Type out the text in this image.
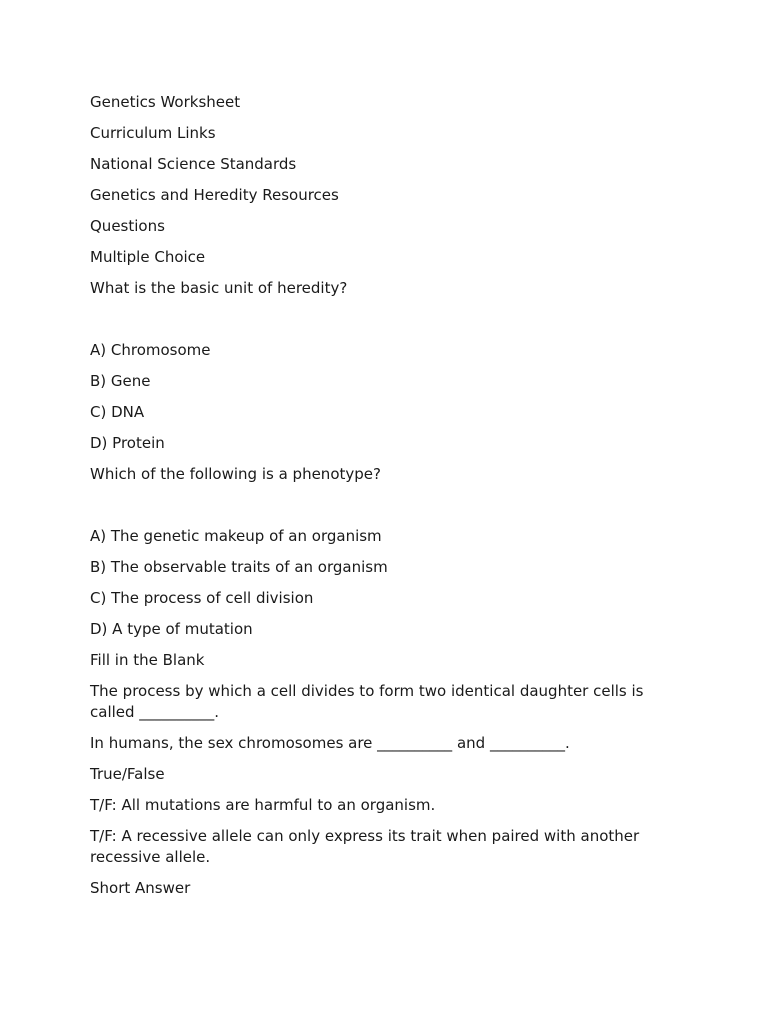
Genetics Worksheet
Curriculum Links
National Science Standards
Genetics and Heredity Resources
Questions
Multiple Choice
What is the basic unit of heredity?
A) Chromosome
B) Gene
C) DNA
D) Protein
Which of the following is a phenotype?
A) The genetic makeup of an organism
B) The observable traits of an organism
C) The process of cell division
D) A type of mutation
Fill in the Blank
The process by which a cell divides to form two identical daughter cells is called __________.
In humans, the sex chromosomes are __________ and __________.
True/False
T/F: All mutations are harmful to an organism.
T/F: A recessive allele can only express its trait when paired with another recessive allele.
Short Answer
